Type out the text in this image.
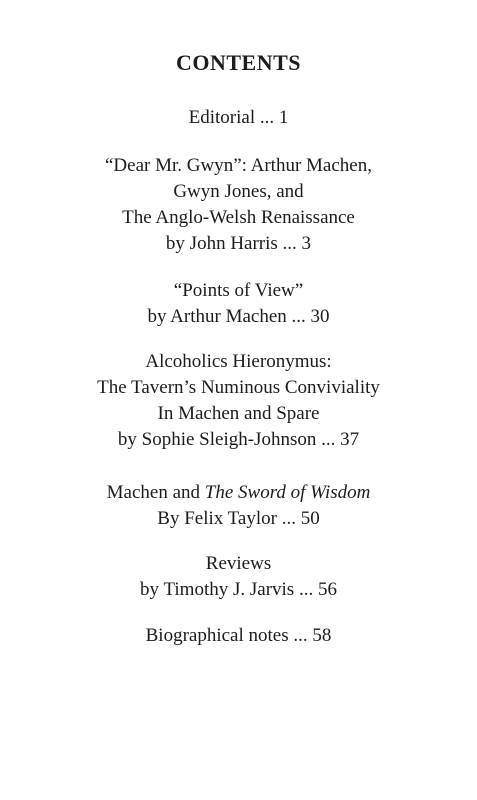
CONTENTS
Editorial ... 1
“Dear Mr. Gwyn”: Arthur Machen,
Gwyn Jones, and
The Anglo-Welsh Renaissance
by John Harris ... 3
“Points of View”
by Arthur Machen ... 30
Alcoholics Hieronymus:
The Tavern’s Numinous Conviviality
In Machen and Spare
by Sophie Sleigh-Johnson ... 37
Machen and The Sword of Wisdom
By Felix Taylor ... 50
Reviews
by Timothy J. Jarvis ... 56
Biographical notes ... 58
